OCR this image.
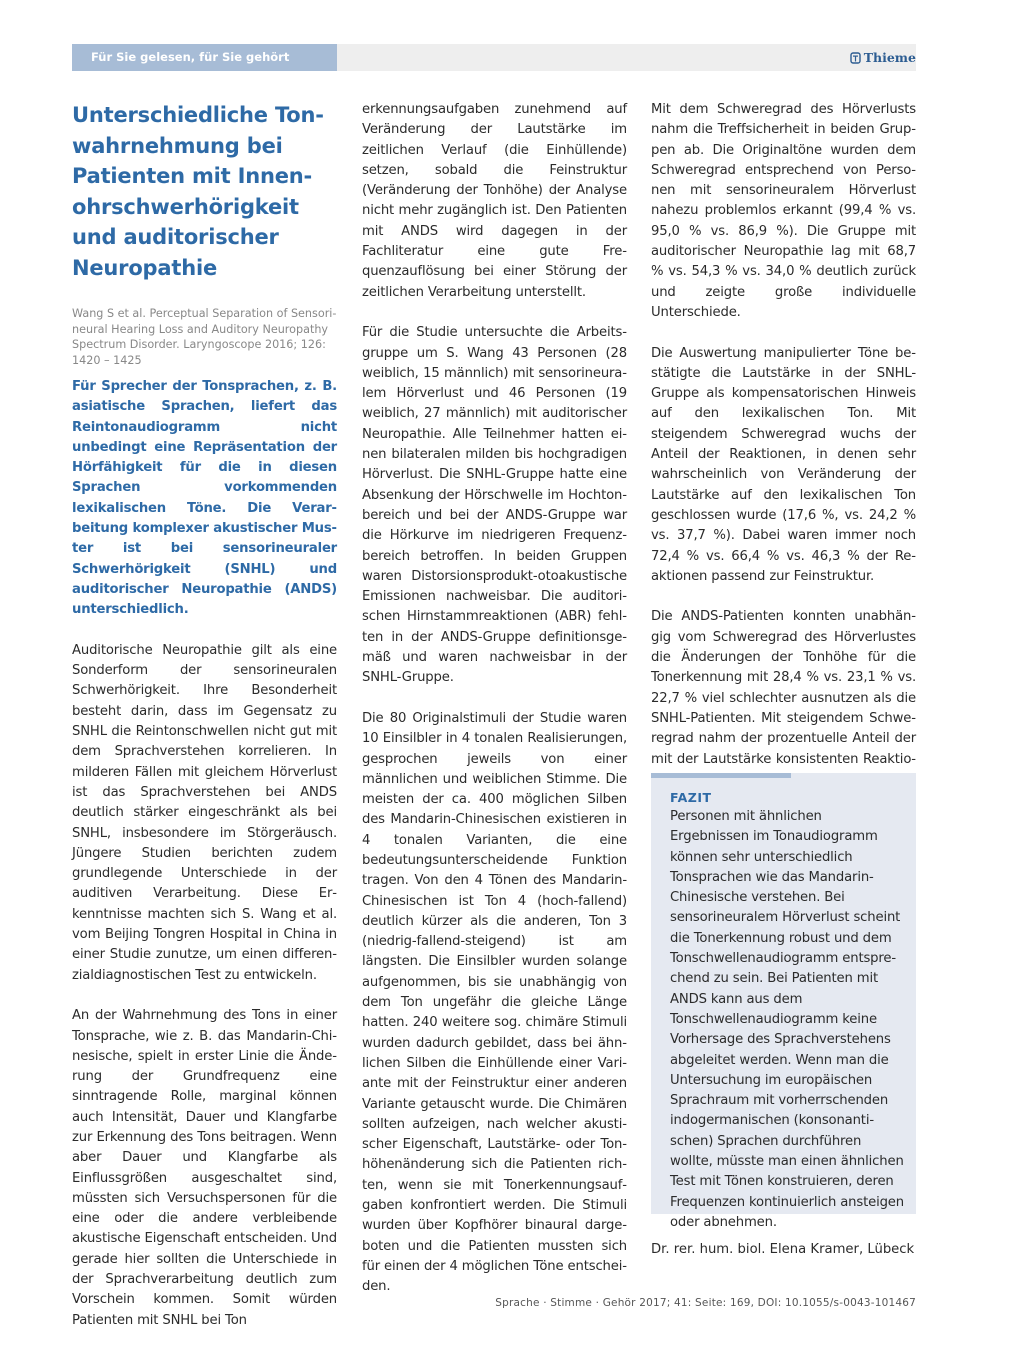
Für Sie gelesen, für Sie gehört	Thieme
Unterschiedliche Tonwahrnehmung bei Patienten mit Innenohrschwerhörigkeit und auditorischer Neuropathie

Wang S et al. Perceptual Separation of Sensorineural Hearing Loss and Auditory Neuropathy Spectrum Disorder. Laryngoscope 2016; 126: 1420 – 1425

Für Sprecher der Tonsprachen, z. B. asiatische Sprachen, liefert das Reintonaudiogramm nicht unbedingt eine Repräsentation der Hörfähigkeit für die in diesen Sprachen vorkommenden lexikalischen Töne. Die Verarbeitung komplexer akustischer Muster ist bei sensorineuraler Schwerhörigkeit (SNHL) und auditorischer Neuropathie (ANDS) unterschiedlich.

Auditorische Neuropathie gilt als eine Sonderform der sensorineuralen Schwerhörigkeit. Ihre Besonderheit besteht darin, dass im Gegensatz zu SNHL die Reintonschwellen nicht gut mit dem Sprachverstehen korrelieren. In milderen Fällen mit gleichem Hörverlust ist das Sprachverstehen bei ANDS deutlich stärker eingeschränkt als bei SNHL, insbesondere im Störgeräusch. Jüngere Studien berichten zudem grundlegende Unterschiede in der auditiven Verarbeitung. Diese Erkenntnisse machten sich S. Wang et al. vom Beijing Tongren Hospital in China in einer Studie zunutze, um einen differenzialdiagnostischen Test zu entwickeln.

An der Wahrnehmung des Tons in einer Tonsprache, wie z. B. das Mandarin-Chinesische, spielt in erster Linie die Änderung der Grundfrequenz eine sinntragende Rolle, marginal können auch Intensität, Dauer und Klangfarbe zur Erkennung des Tons beitragen. Wenn aber Dauer und Klangfarbe als Einflussgrößen ausgeschaltet sind, müssten sich Versuchspersonen für die eine oder die andere verbleibende akustische Eigenschaft entscheiden. Und gerade hier sollten die Unterschiede in der Sprachverarbeitung deutlich zum Vorschein kommen. Somit würden Patienten mit SNHL bei Ton

erkennungsaufgaben zunehmend auf Veränderung der Lautstärke im zeitlichen Verlauf (die Einhüllende) setzen, sobald die Feinstruktur (Veränderung der Tonhöhe) der Analyse nicht mehr zugänglich ist. Den Patienten mit ANDS wird dagegen in der Fachliteratur eine gute Frequenzauflösung bei einer Störung der zeitlichen Verarbeitung unterstellt.

Für die Studie untersuchte die Arbeitsgruppe um S. Wang 43 Personen (28 weiblich, 15 männlich) mit sensorineuralem Hörverlust und 46 Personen (19 weiblich, 27 männlich) mit auditorischer Neuropathie. Alle Teilnehmer hatten einen bilateralen milden bis hochgradigen Hörverlust. Die SNHL-Gruppe hatte eine Absenkung der Hörschwelle im Hochtonbereich und bei der ANDS-Gruppe war die Hörkurve im niedrigeren Frequenzbereich betroffen. In beiden Gruppen waren Distorsionsprodukt-otoakustische Emissionen nachweisbar. Die auditorischen Hirnstammreaktionen (ABR) fehlten in der ANDS-Gruppe definitionsgemäß und waren nachweisbar in der SNHL-Gruppe.

Die 80 Originalstimuli der Studie waren 10 Einsilbler in 4 tonalen Realisierungen, gesprochen jeweils von einer männlichen und weiblichen Stimme. Die meisten der ca. 400 möglichen Silben des Mandarin-Chinesischen existieren in 4 tonalen Varianten, die eine bedeutungsunterscheidende Funktion tragen. Von den 4 Tönen des Mandarin-Chinesischen ist Ton 4 (hoch-fallend) deutlich kürzer als die anderen, Ton 3 (niedrig-fallend-steigend) ist am längsten. Die Einsilbler wurden solange aufgenommen, bis sie unabhängig von dem Ton ungefähr die gleiche Länge hatten. 240 weitere sog. chimäre Stimuli wurden dadurch gebildet, dass bei ähnlichen Silben die Einhüllende einer Variante mit der Feinstruktur einer anderen Variante getauscht wurde. Die Chimären sollten aufzeigen, nach welcher akustischer Eigenschaft, Lautstärke- oder Tonhöhenänderung sich die Patienten richten, wenn sie mit Tonerkennungsaufgaben konfrontiert werden. Die Stimuli wurden über Kopfhörer binaural dargeboten und die Patienten mussten sich für einen der 4 möglichen Töne entscheiden.

Mit dem Schweregrad des Hörverlusts nahm die Treffsicherheit in beiden Gruppen ab. Die Originaltöne wurden dem Schweregrad entsprechend von Personen mit sensorineuralem Hörverlust nahezu problemlos erkannt (99,4 % vs. 95,0 % vs. 86,9 %). Die Gruppe mit auditorischer Neuropathie lag mit 68,7 % vs. 54,3 % vs. 34,0 % deutlich zurück und zeigte große individuelle Unterschiede.

Die Auswertung manipulierter Töne bestätigte die Lautstärke in der SNHL-Gruppe als kompensatorischen Hinweis auf den lexikalischen Ton. Mit steigendem Schweregrad wuchs der Anteil der Reaktionen, in denen sehr wahrscheinlich von Veränderung der Lautstärke auf den lexikalischen Ton geschlossen wurde (17,6 %, vs. 24,2 % vs. 37,7 %). Dabei waren immer noch 72,4 % vs. 66,4 % vs. 46,3 % der Reaktionen passend zur Feinstruktur.

Die ANDS-Patienten konnten unabhängig vom Schweregrad des Hörverlustes die Änderungen der Tonhöhe für die Tonerkennung mit 28,4 % vs. 23,1 % vs. 22,7 % viel schlechter ausnutzen als die SNHL-Patienten. Mit steigendem Schweregrad nahm der prozentuelle Anteil der mit der Lautstärke konsistenten Reaktio

FAZIT

Personen mit ähnlichen Ergebnissen im Tonaudiogramm können sehr unterschiedlich Tonsprachen wie das Mandarin-Chinesische verstehen. Bei sensorineuralem Hörverlust scheint die Tonerkennung robust und dem Tonschwellenaudiogramm entsprechend zu sein. Bei Patienten mit ANDS kann aus dem Tonschwellenaudiogramm keine Vorhersage des Sprachverstehens abgeleitet werden. Wenn man die Untersuchung im europäischen Sprachraum mit vorherrschenden indogermanischen (konsonantischen) Sprachen durchführen wollte, müsste man einen ähnlichen Test mit Tönen konstruieren, deren Frequenzen kontinuierlich ansteigen oder abnehmen.

Dr. rer. hum. biol. Elena Kramer, Lübeck
Sprache · Stimme · Gehör 2017; 41: Seite: 169, DOI: 10.1055/s-0043-101467
